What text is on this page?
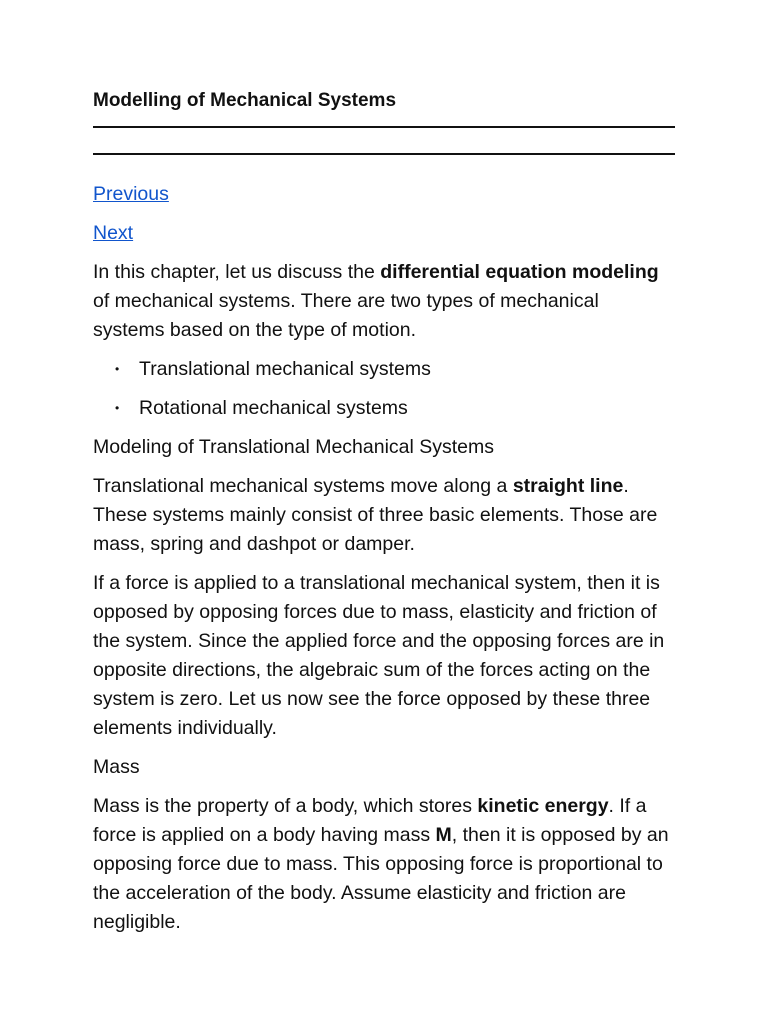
Modelling of Mechanical Systems
Previous
Next

In this chapter, let us discuss the differential equation modeling of mechanical systems. There are two types of mechanical systems based on the type of motion.

• Translational mechanical systems
• Rotational mechanical systems

Modeling of Translational Mechanical Systems

Translational mechanical systems move along a straight line. These systems mainly consist of three basic elements. Those are mass, spring and dashpot or damper.

If a force is applied to a translational mechanical system, then it is opposed by opposing forces due to mass, elasticity and friction of the system. Since the applied force and the opposing forces are in opposite directions, the algebraic sum of the forces acting on the system is zero. Let us now see the force opposed by these three elements individually.

Mass

Mass is the property of a body, which stores kinetic energy. If a force is applied on a body having mass M, then it is opposed by an opposing force due to mass. This opposing force is proportional to the acceleration of the body. Assume elasticity and friction are negligible.
